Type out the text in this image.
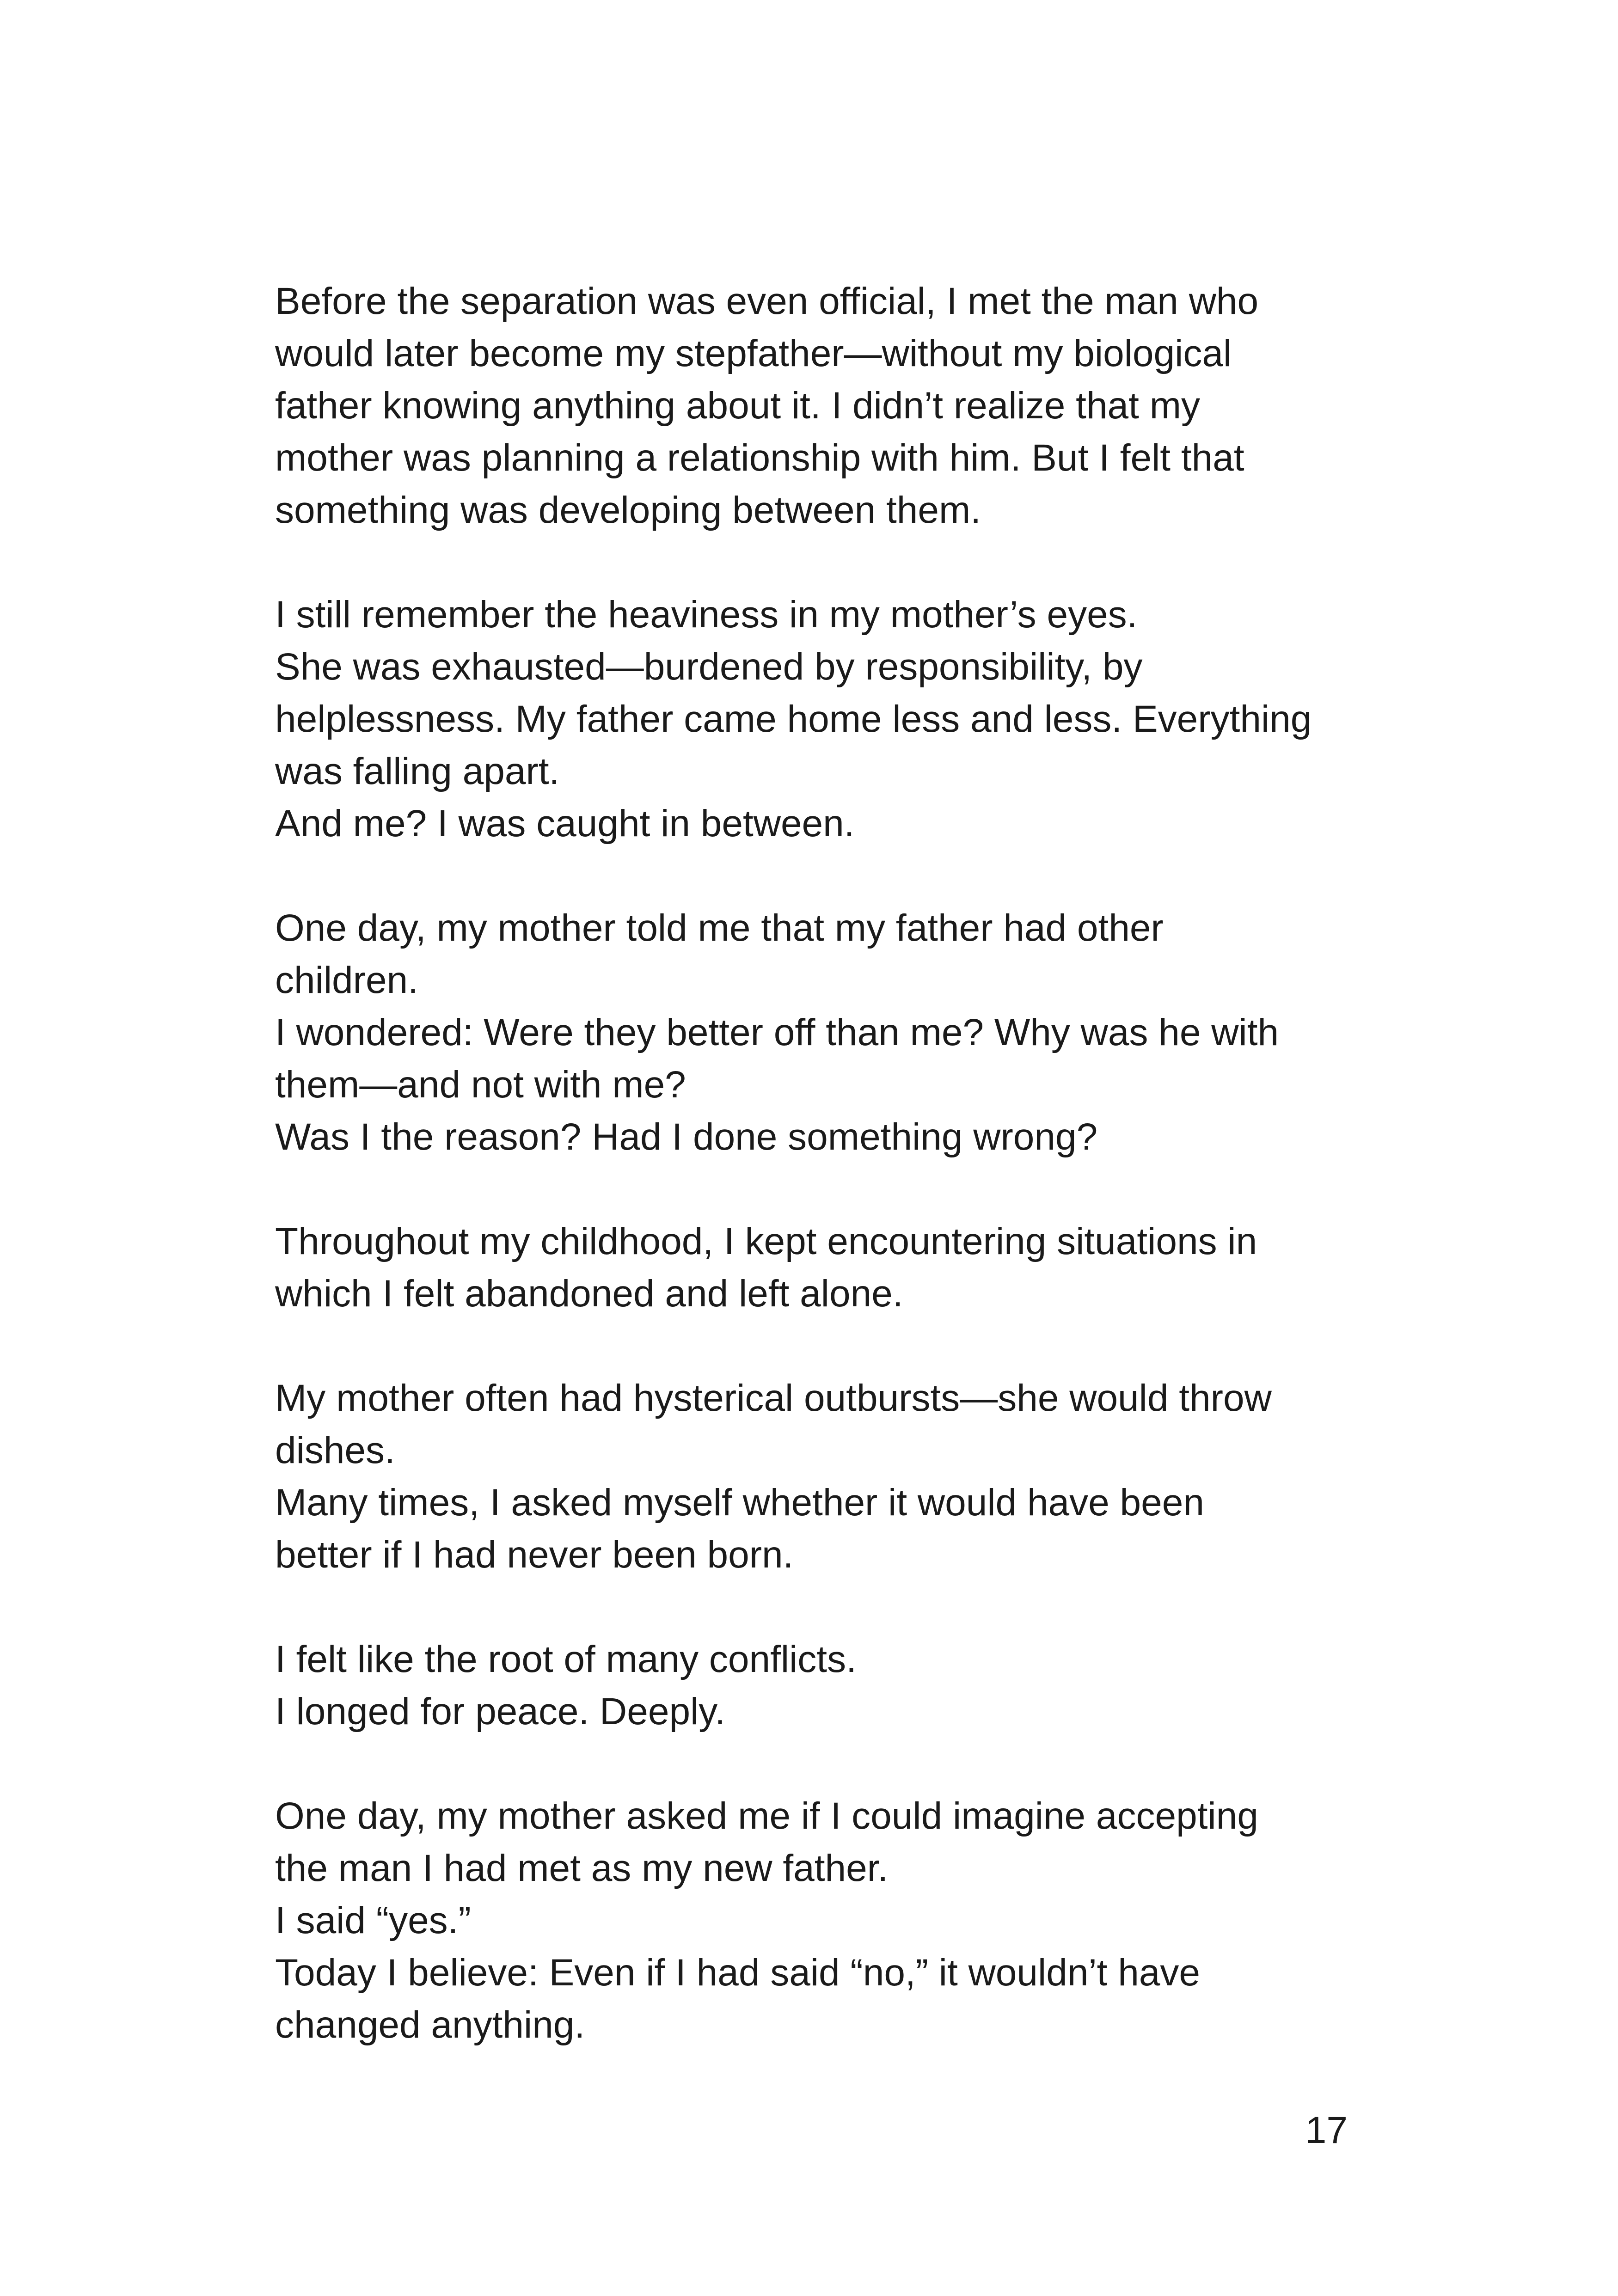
Before the separation was even official, I met the man who
would later become my stepfather—without my biological
father knowing anything about it. I didn’t realize that my
mother was planning a relationship with him. But I felt that
something was developing between them.

I still remember the heaviness in my mother’s eyes.
She was exhausted—burdened by responsibility, by
helplessness. My father came home less and less. Everything
was falling apart.
And me? I was caught in between.

One day, my mother told me that my father had other
children.
I wondered: Were they better off than me? Why was he with
them—and not with me?
Was I the reason? Had I done something wrong?

Throughout my childhood, I kept encountering situations in
which I felt abandoned and left alone.

My mother often had hysterical outbursts—she would throw
dishes.
Many times, I asked myself whether it would have been
better if I had never been born.

I felt like the root of many conflicts.
I longed for peace. Deeply.

One day, my mother asked me if I could imagine accepting
the man I had met as my new father.
I said “yes.”
Today I believe: Even if I had said “no,” it wouldn’t have
changed anything.

17
